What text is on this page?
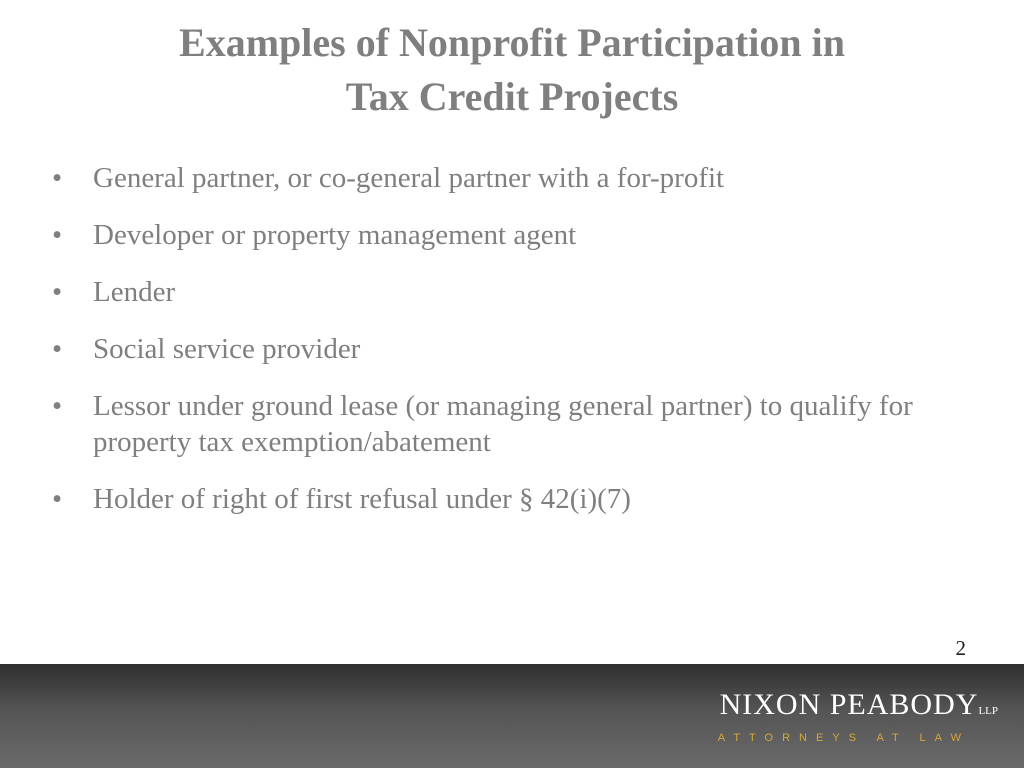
Examples of Nonprofit Participation in
Tax Credit Projects
• General partner, or co-general partner with a for-profit
• Developer or property management agent
• Lender
• Social service provider
• Lessor under ground lease (or managing general partner) to qualify for property tax exemption/abatement
• Holder of right of first refusal under § 42(i)(7)
2
NIXON PEABODYLLP
ATTORNEYS AT LAW
